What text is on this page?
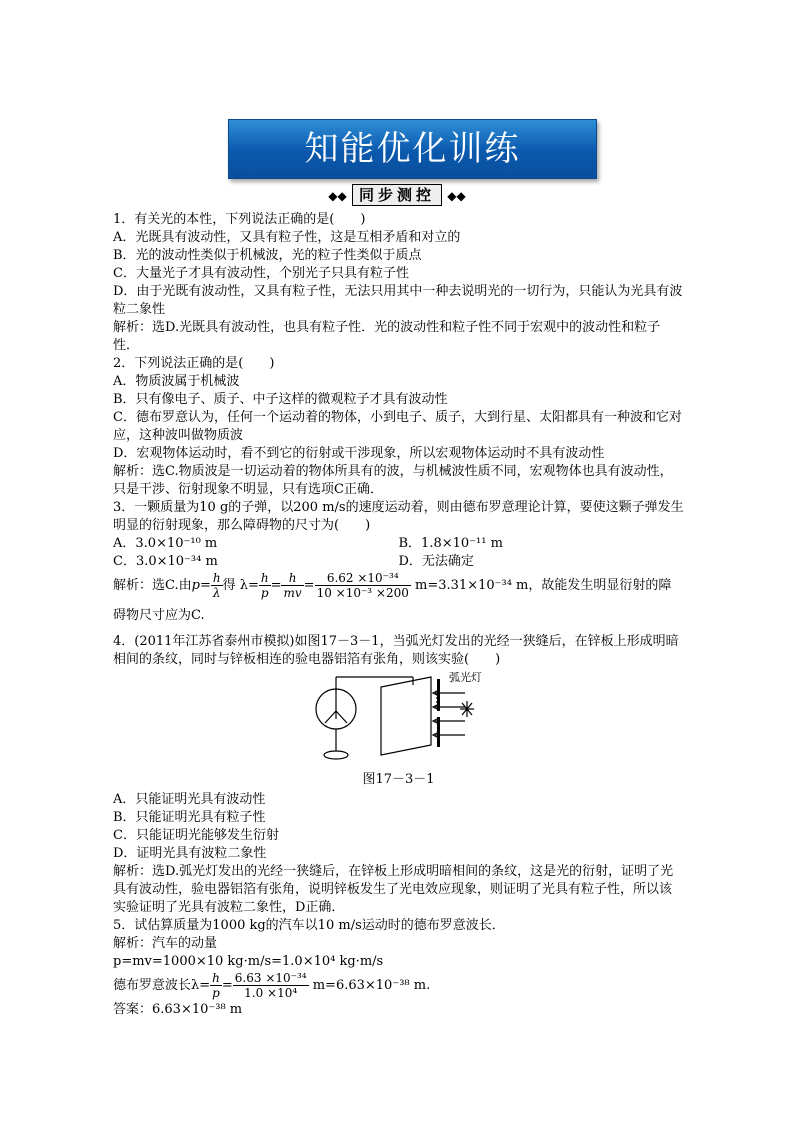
知能优化训练
◆◆ 同步测控 ◆◆

1．有关光的本性，下列说法正确的是(　　)

A．光既具有波动性，又具有粒子性，这是互相矛盾和对立的

B．光的波动性类似于机械波，光的粒子性类似于质点

C．大量光子才具有波动性，个别光子只具有粒子性

D．由于光既有波动性，又具有粒子性，无法只用其中一种去说明光的一切行为，只能认为光具有波粒二象性

解析：选D.光既具有波动性，也具有粒子性．光的波动性和粒子性不同于宏观中的波动性和粒子性．

2．下列说法正确的是(　　)

A．物质波属于机械波

B．只有像电子、质子、中子这样的微观粒子才具有波动性

C．德布罗意认为，任何一个运动着的物体，小到电子、质子，大到行星、太阳都具有一种波和它对应，这种波叫做物质波

D．宏观物体运动时，看不到它的衍射或干涉现象，所以宏观物体运动时不具有波动性

解析：选C.物质波是一切运动着的物体所具有的波，与机械波性质不同，宏观物体也具有波动性，只是干涉、衍射现象不明显，只有选项C正确．

3．一颗质量为10 g的子弹，以200 m/s的速度运动着，则由德布罗意理论计算，要使这颗子弹发生明显的衍射现象，那么障碍物的尺寸为(　　)

A．3.0×10⁻¹⁰ m	B．1.8×10⁻¹¹ m
C．3.0×10⁻³⁴ m	D．无法确定

解析：选C.由$p= \frac{h}{\lambda}$ 得 $\lambda= \frac{h}{p} = \frac{h}{mv} = \frac{\text{6.62 ×10⁻³⁴}}{\text{10 ×10⁻³ ×200}} m=3.31\times 10^{-34}$ m，故能发生明显衍射的障碍物尺寸应为C.

4．(2011年江苏省泰州市模拟)如图17－3－1，当弧光灯发出的光经一狭缝后，在锌板上形成明暗相间的条纹，同时与锌板相连的验电器铝箔有张角，则该实验(　　)

弧光灯

图17－3－1

A．只能证明光具有波动性

B．只能证明光具有粒子性

C．只能证明光能够发生衍射

D．证明光具有波粒二象性

解析：选D.弧光灯发出的光经一狭缝后，在锌板上形成明暗相间的条纹，这是光的衍射，证明了光具有波动性，验电器铝箔有张角，说明锌板发生了光电效应现象，则证明了光具有粒子性，所以该实验证明了光具有波粒二象性，D正确．

5．试估算质量为1000 kg的汽车以10 m/s运动时的德布罗意波长．

解析：汽车的动量

p=mv=1000×10 kg·m/s=1.0×10⁴ kg·m/s

德布罗意波长$\lambda= \frac{h}{p} = \frac{\text{6.63 ×10⁻³⁴}}{\text{1.0 ×10⁴}} m=6.63\times 10^{-38}$ m.

答案：6.63×10⁻³⁸ m
